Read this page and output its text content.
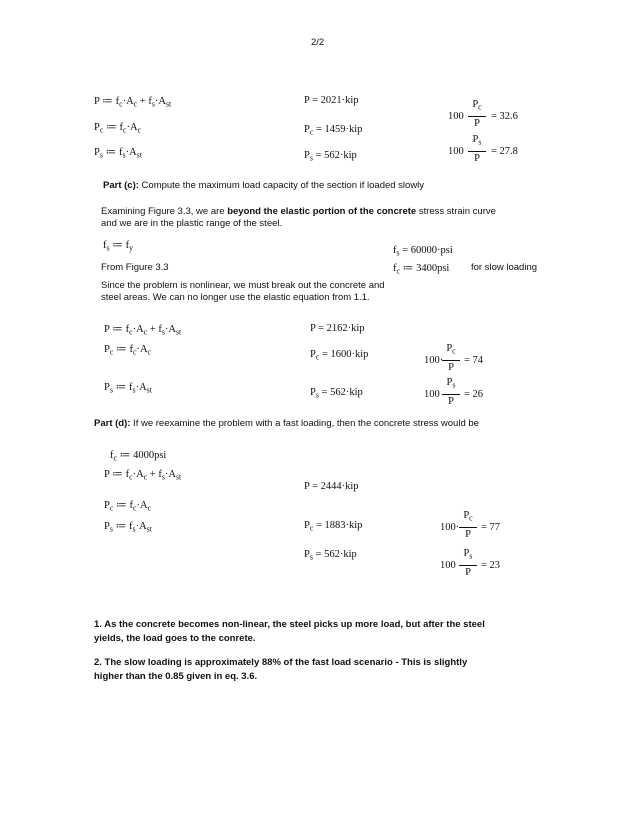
2/2
P ≔ $f_c\cdot A_c + f_s\cdot A_{st}$
$P_c$ ≔ $f_c\cdot A_c$
$P_s$ ≔ $f_s\cdot A_{st}$
P = 2021·kip
$P_c = 1459\cdot kip$
$P_s = 562\cdot kip$
100
$P_c$
P
= 32.6
100
$P_s$
P
= 27.8
Part (c): Compute the maximum load capacity of the section if loaded slowly
Examining Figure 3.3, we are beyond the elastic portion of the concrete stress strain curve
and we are in the plastic range of the steel.
$f_s$ ≔ $f_y$	$f_s = 60000\cdot psi$
From Figure 3.3	$f_c$ ≔ 3400psi for slow loading
Since the problem is nonlinear, we must break out the concrete and
steel areas. We can no longer use the elastic equation from 1.1.
P ≔ $f_c\cdot A_c + f_s\cdot A_{st}$
$P_c$ ≔ $f_c\cdot A_c$
$P_s$ ≔ $f_s\cdot A_{st}$
P = 2162·kip
$P_c = 1600\cdot kip$
$P_s = 562\cdot kip$
100·
$P_c$
P
= 74
100
$P_s$
P
= 26
Part (d): If we reexamine the problem with a fast loading, then the concrete stress would be
$f_c$ ≔ 4000psi
P ≔ $f_c\cdot A_c + f_s\cdot A_{st}$
$P_c$ ≔ $f_c\cdot A_c$
$P_s$ ≔ $f_s\cdot A_{st}$
P = 2444·kip
$P_c = 1883\cdot kip$
$P_s = 562\cdot kip$
100·
$P_c$
P
= 77
100
$P_s$
P
= 23
1. As the concrete becomes non-linear, the steel picks up more load, but after the steel
yields, the load goes to the conrete.
2. The slow loading is approximately 88% of the fast load scenario - This is slightly
higher than the 0.85 given in eq. 3.6.
